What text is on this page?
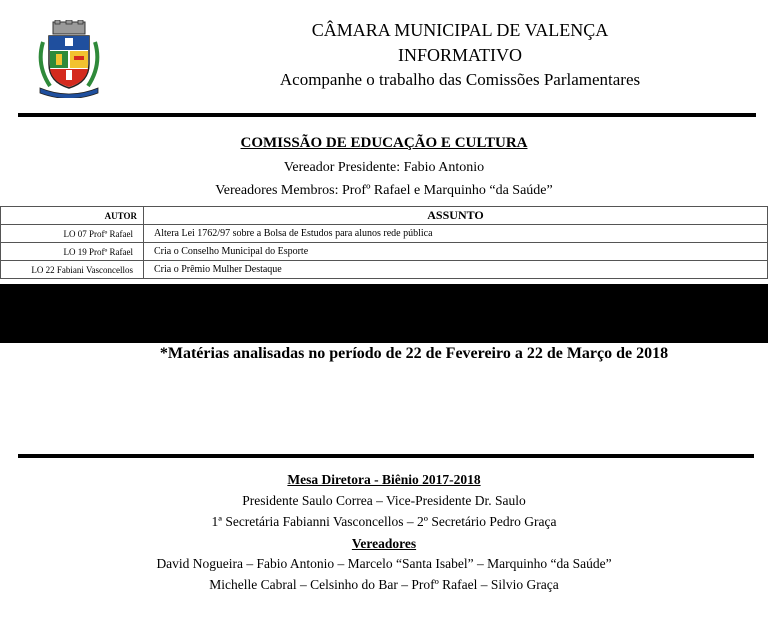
CÂMARA MUNICIPAL DE VALENÇA
INFORMATIVO
Acompanhe o trabalho das Comissões Parlamentares
COMISSÃO DE EDUCAÇÃO E CULTURA
Vereador Presidente: Fabio Antonio
Vereadores Membros: Profº Rafael e Marquinho “da Saúde”
AUTOR	ASSUNTO
LO 07 Profº Rafael	Altera Lei 1762/97 sobre a Bolsa de Estudos para alunos rede pública
LO 19 Profº Rafael	Cria o Conselho Municipal do Esporte
LO 22 Fabiani Vasconcellos	Cria o Prêmio Mulher Destaque
*Matérias analisadas no período de 22 de Fevereiro a 22 de Março de 2018
Mesa Diretora - Biênio 2017-2018
Presidente Saulo Correa – Vice-Presidente Dr. Saulo
1ª Secretária Fabianni Vasconcellos – 2º Secretário Pedro Graça
Vereadores
David Nogueira – Fabio Antonio – Marcelo “Santa Isabel” – Marquinho “da Saúde”
Michelle Cabral – Celsinho do Bar – Profº Rafael – Silvio Graça
